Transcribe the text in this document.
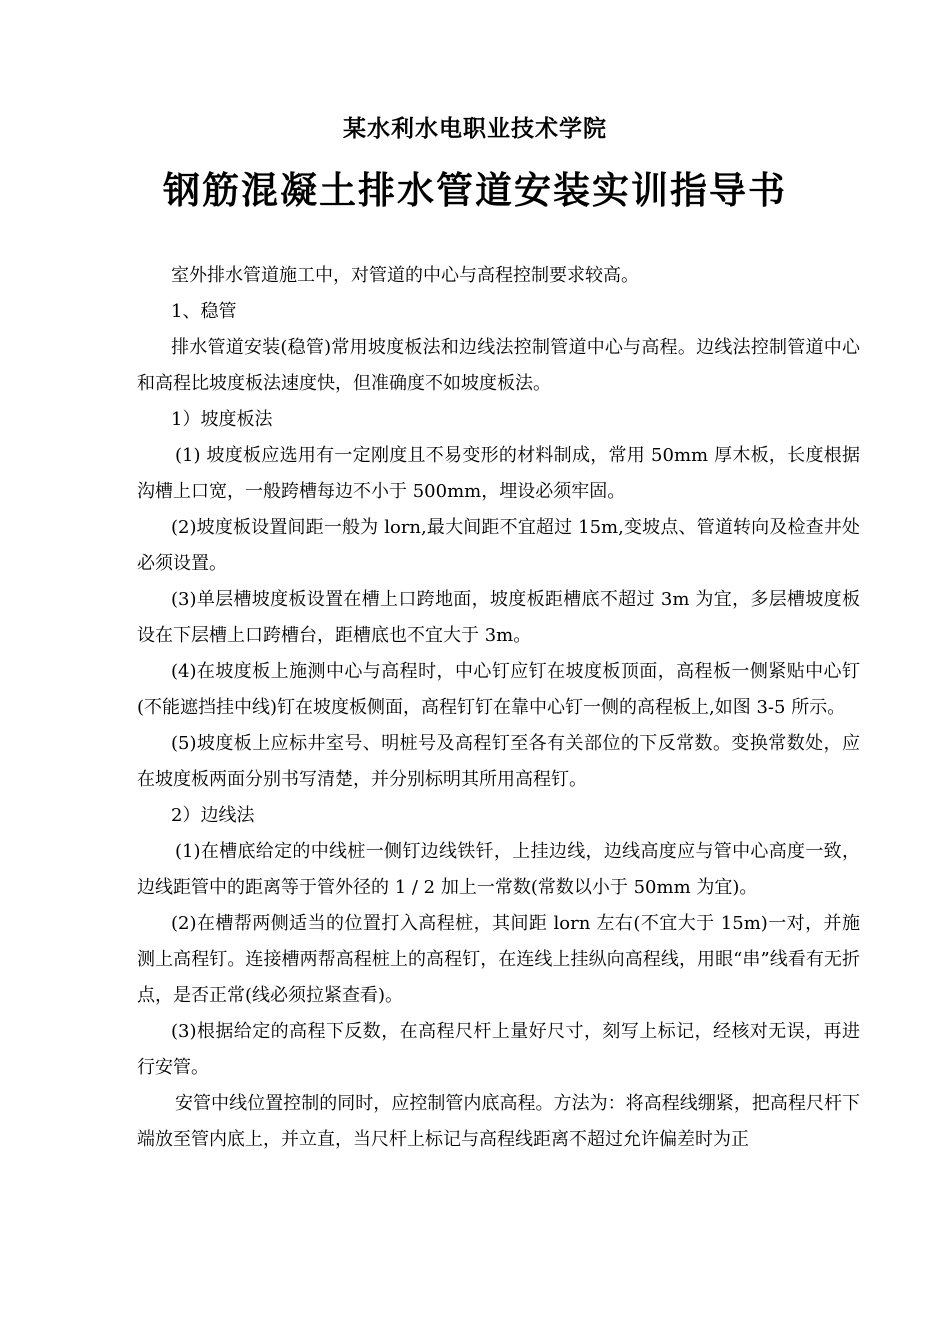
某水利水电职业技术学院
钢筋混凝土排水管道安装实训指导书

室外排水管道施工中，对管道的中心与高程控制要求较高。

1、稳管

排水管道安装(稳管)常用坡度板法和边线法控制管道中心与高程。边线法控制管道中心和高程比坡度板法速度快，但准确度不如坡度板法。

1）坡度板法

(1) 坡度板应选用有一定刚度且不易变形的材料制成，常用 50mm 厚木板，长度根据沟槽上口宽，一般跨槽每边不小于 500mm，埋设必须牢固。

(2)坡度板设置间距一般为 lorn,最大间距不宜超过 15m,变坡点、管道转向及检查井处必须设置。

(3)单层槽坡度板设置在槽上口跨地面，坡度板距槽底不超过 3m 为宜，多层槽坡度板设在下层槽上口跨槽台，距槽底也不宜大于 3m。

(4)在坡度板上施测中心与高程时，中心钉应钉在坡度板顶面，高程板一侧紧贴中心钉(不能遮挡挂中线)钉在坡度板侧面，高程钉钉在靠中心钉一侧的高程板上,如图 3-5 所示。

(5)坡度板上应标井室号、明桩号及高程钉至各有关部位的下反常数。变换常数处，应在坡度板两面分别书写清楚，并分别标明其所用高程钉。

2）边线法

(1)在槽底给定的中线桩一侧钉边线铁钎，上挂边线，边线高度应与管中心高度一致，边线距管中的距离等于管外径的 1 / 2 加上一常数(常数以小于 50mm 为宜)。

(2)在槽帮两侧适当的位置打入高程桩，其间距 lorn 左右(不宜大于 15m)一对，并施测上高程钉。连接槽两帮高程桩上的高程钉，在连线上挂纵向高程线，用眼“串”线看有无折点，是否正常(线必须拉紧查看)。

(3)根据给定的高程下反数，在高程尺杆上量好尺寸，刻写上标记，经核对无误，再进行安管。

安管中线位置控制的同时，应控制管内底高程。方法为：将高程线绷紧，把高程尺杆下端放至管内底上，并立直，当尺杆上标记与高程线距离不超过允许偏差时为正
